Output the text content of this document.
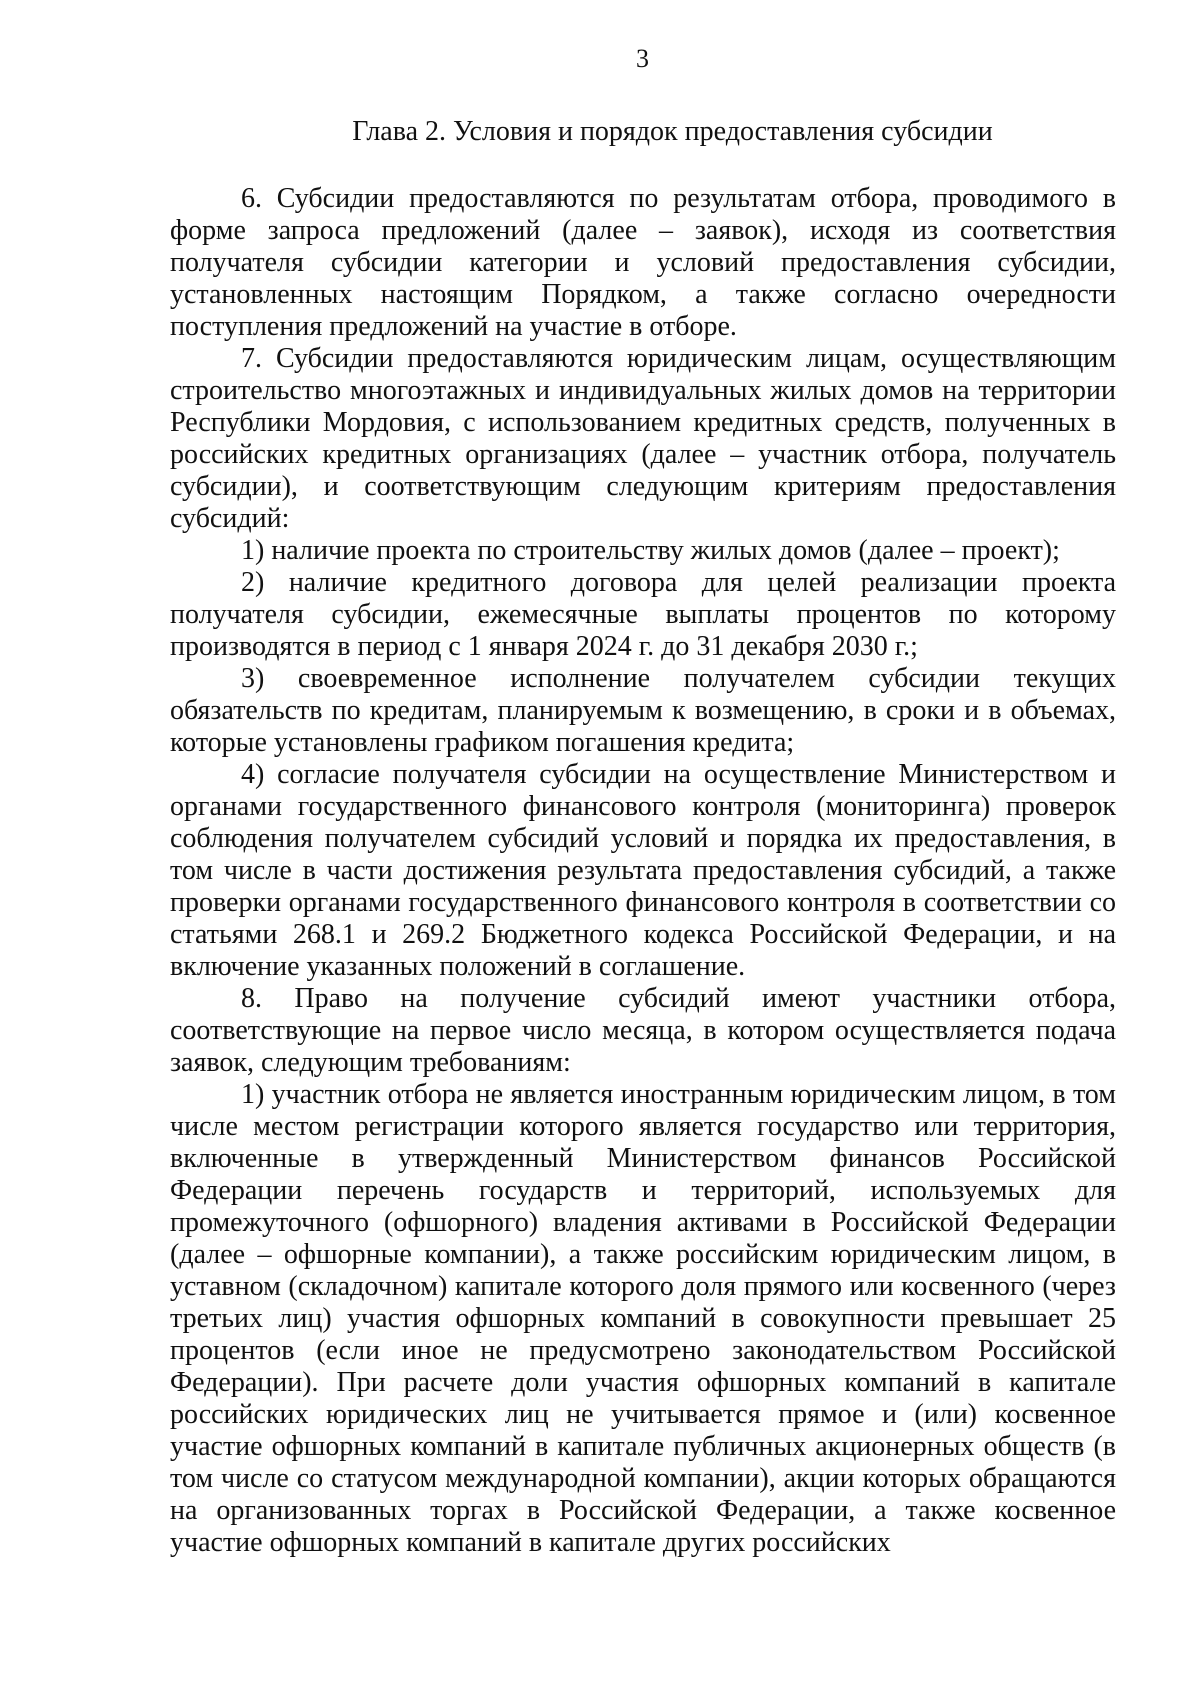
3
Глава 2. Условия и порядок предоставления субсидии

6. Субсидии предоставляются по результатам отбора, проводимого в форме запроса предложений (далее – заявок), исходя из соответствия получателя субсидии категории и условий предоставления субсидии, установленных настоящим Порядком, а также согласно очередности поступления предложений на участие в отборе.

7. Субсидии предоставляются юридическим лицам, осуществляющим строительство многоэтажных и индивидуальных жилых домов на территории Республики Мордовия, с использованием кредитных средств, полученных в российских кредитных организациях (далее – участник отбора, получатель субсидии), и соответствующим следующим критериям предоставления субсидий:

1) наличие проекта по строительству жилых домов (далее – проект);

2) наличие кредитного договора для целей реализации проекта получателя субсидии, ежемесячные выплаты процентов по которому производятся в период с 1 января 2024 г. до 31 декабря 2030 г.;

3) своевременное исполнение получателем субсидии текущих обязательств по кредитам, планируемым к возмещению, в сроки и в объемах, которые установлены графиком погашения кредита;

4) согласие получателя субсидии на осуществление Министерством и органами государственного финансового контроля (мониторинга) проверок соблюдения получателем субсидий условий и порядка их предоставления, в том числе в части достижения результата предоставления субсидий, а также проверки органами государственного финансового контроля в соответствии со статьями 268.1 и 269.2 Бюджетного кодекса Российской Федерации, и на включение указанных положений в соглашение.

8. Право на получение субсидий имеют участники отбора, соответствующие на первое число месяца, в котором осуществляется подача заявок, следующим требованиям:

1) участник отбора не является иностранным юридическим лицом, в том числе местом регистрации которого является государство или территория, включенные в утвержденный Министерством финансов Российской Федерации перечень государств и территорий, используемых для промежуточного (офшорного) владения активами в Российской Федерации (далее – офшорные компании), а также российским юридическим лицом, в уставном (складочном) капитале которого доля прямого или косвенного (через третьих лиц) участия офшорных компаний в совокупности превышает 25 процентов (если иное не предусмотрено законодательством Российской Федерации). При расчете доли участия офшорных компаний в капитале российских юридических лиц не учитывается прямое и (или) косвенное участие офшорных компаний в капитале публичных акционерных обществ (в том числе со статусом международной компании), акции которых обращаются на организованных торгах в Российской Федерации, а также косвенное участие офшорных компаний в капитале других российских
